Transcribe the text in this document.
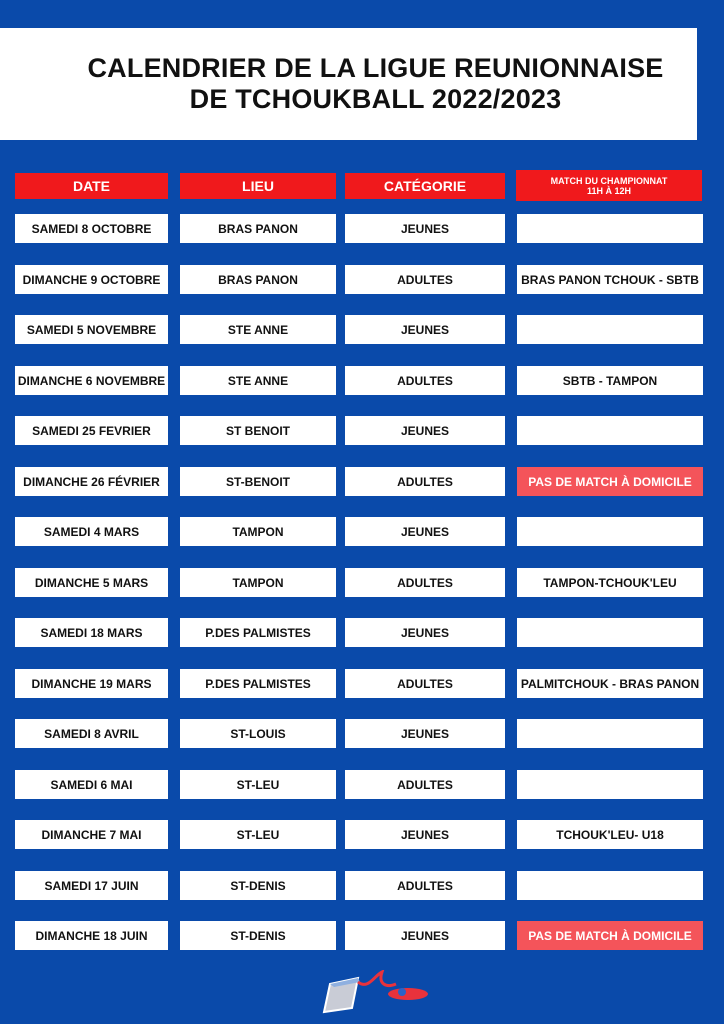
CALENDRIER DE LA LIGUE REUNIONNAISE
DE TCHOUKBALL 2022/2023
DATE	LIEU	CATÉGORIE	MATCH DU CHAMPIONNAT
11H À 12H
SAMEDI 8 OCTOBRE	BRAS PANON	JEUNES
DIMANCHE 9 OCTOBRE	BRAS PANON	ADULTES	BRAS PANON TCHOUK - SBTB
SAMEDI 5 NOVEMBRE	STE ANNE	JEUNES
DIMANCHE 6 NOVEMBRE	STE ANNE	ADULTES	SBTB - TAMPON
SAMEDI 25 FEVRIER	ST BENOIT	JEUNES
DIMANCHE 26 FÉVRIER	ST-BENOIT	ADULTES	PAS DE MATCH À DOMICILE
SAMEDI 4 MARS	TAMPON	JEUNES
DIMANCHE 5 MARS	TAMPON	ADULTES	TAMPON-TCHOUK'LEU
SAMEDI 18 MARS	P.DES PALMISTES	JEUNES
DIMANCHE 19 MARS	P.DES PALMISTES	ADULTES	PALMITCHOUK - BRAS PANON
SAMEDI 8 AVRIL	ST-LOUIS	JEUNES
SAMEDI 6 MAI	ST-LEU	ADULTES
DIMANCHE 7 MAI	ST-LEU	JEUNES	TCHOUK'LEU- U18
SAMEDI 17 JUIN	ST-DENIS	ADULTES
DIMANCHE 18 JUIN	ST-DENIS	JEUNES	PAS DE MATCH À DOMICILE
